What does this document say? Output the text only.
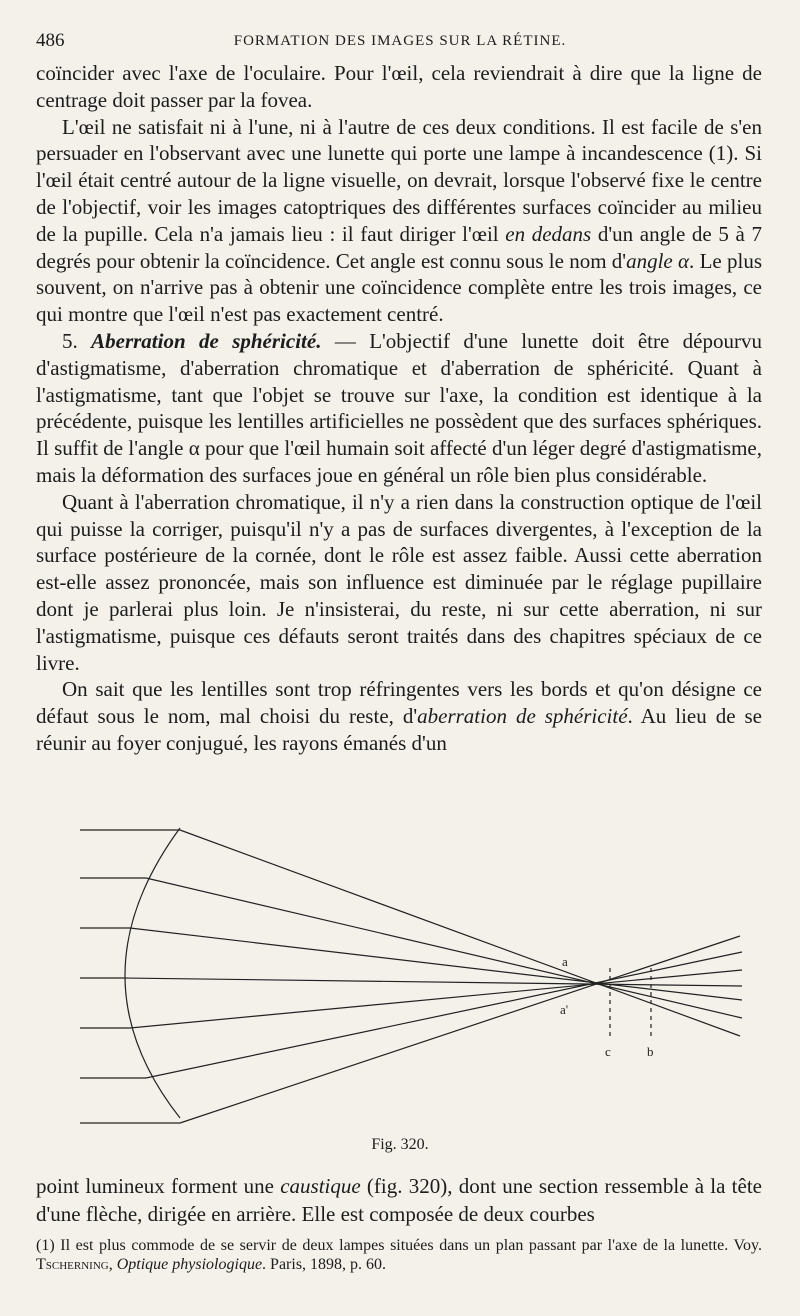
486	FORMATION DES IMAGES SUR LA RÉTINE.

coïncider avec l'axe de l'oculaire. Pour l'œil, cela reviendrait à dire que la ligne de centrage doit passer par la fovea.

L'œil ne satisfait ni à l'une, ni à l'autre de ces deux conditions. Il est facile de s'en persuader en l'observant avec une lunette qui porte une lampe à incandescence (1). Si l'œil était centré autour de la ligne visuelle, on devrait, lorsque l'observé fixe le centre de l'objectif, voir les images catoptriques des différentes surfaces coïncider au milieu de la pupille. Cela n'a jamais lieu : il faut diriger l'œil en dedans d'un angle de 5 à 7 degrés pour obtenir la coïncidence. Cet angle est connu sous le nom d'angle α. Le plus souvent, on n'arrive pas à obtenir une coïncidence complète entre les trois images, ce qui montre que l'œil n'est pas exactement centré.

5. Aberration de sphéricité. — L'objectif d'une lunette doit être dépourvu d'astigmatisme, d'aberration chromatique et d'aberration de sphéricité. Quant à l'astigmatisme, tant que l'objet se trouve sur l'axe, la condition est identique à la précédente, puisque les lentilles artificielles ne possèdent que des surfaces sphériques. Il suffit de l'angle α pour que l'œil humain soit affecté d'un léger degré d'astigmatisme, mais la déformation des surfaces joue en général un rôle bien plus considérable.

Quant à l'aberration chromatique, il n'y a rien dans la construction optique de l'œil qui puisse la corriger, puisqu'il n'y a pas de surfaces divergentes, à l'exception de la surface postérieure de la cornée, dont le rôle est assez faible. Aussi cette aberration est-elle assez prononcée, mais son influence est diminuée par le réglage pupillaire dont je parlerai plus loin. Je n'insisterai, du reste, ni sur cette aberration, ni sur l'astigmatisme, puisque ces défauts seront traités dans des chapitres spéciaux de ce livre.

On sait que les lentilles sont trop réfringentes vers les bords et qu'on désigne ce défaut sous le nom, mal choisi du reste, d'aberration de sphéricité. Au lieu de se réunir au foyer conjugué, les rayons émanés d'un

a
a'
c	b
Fig. 320.

point lumineux forment une caustique (fig. 320), dont une section ressemble à la tête d'une flèche, dirigée en arrière. Elle est composée de deux courbes

(1) Il est plus commode de se servir de deux lampes situées dans un plan passant par l'axe de la lunette. Voy. Tscherning, Optique physiologique. Paris, 1898, p. 60.
